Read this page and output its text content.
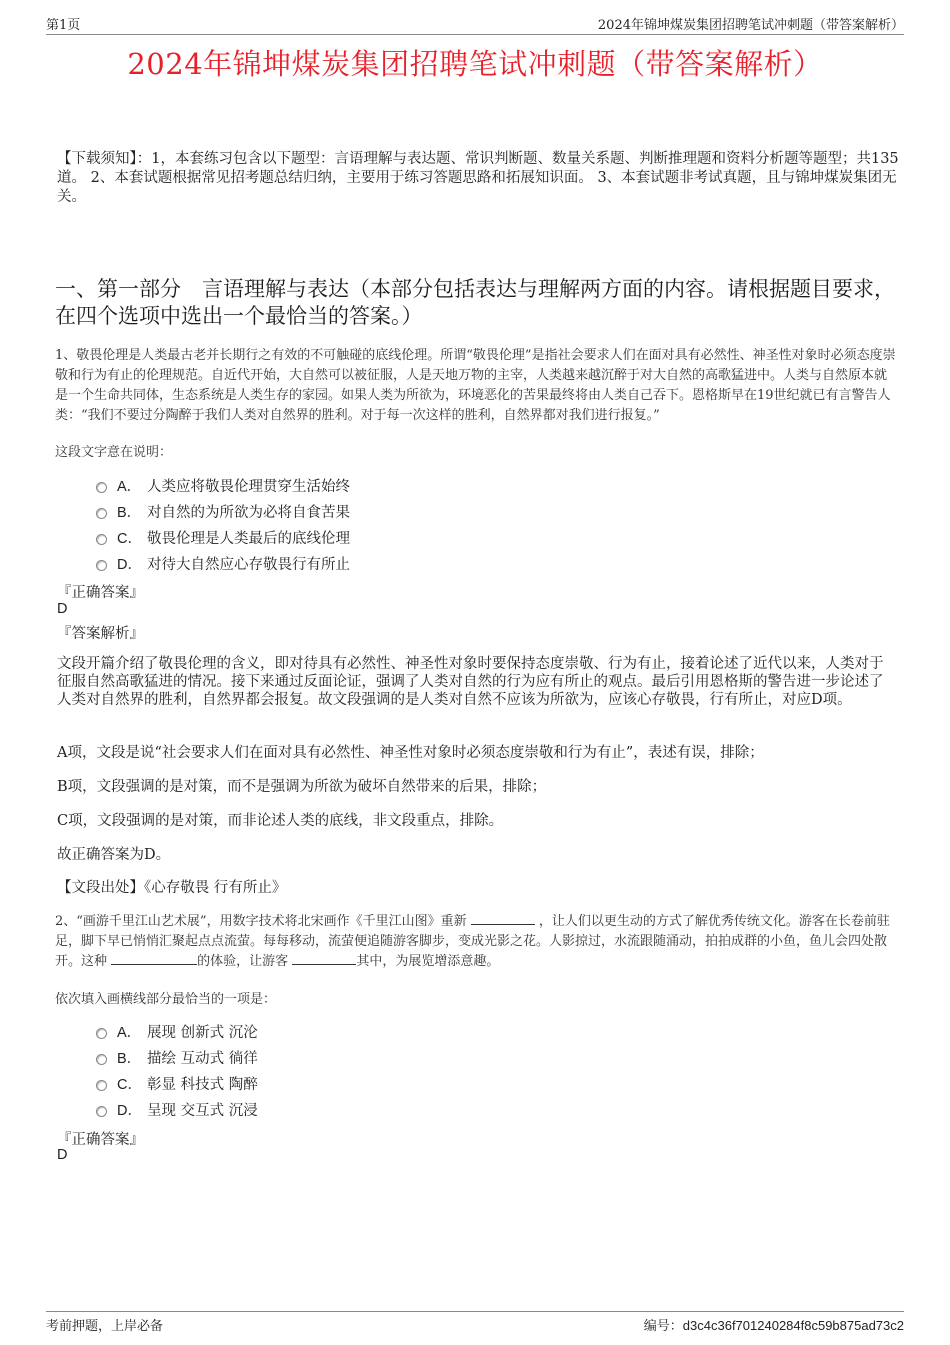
第1页	2024年锦坤煤炭集团招聘笔试冲刺题（带答案解析）
2024年锦坤煤炭集团招聘笔试冲刺题（带答案解析）
【下载须知】：1，本套练习包含以下题型：言语理解与表达题、常识判断题、数量关系题、判断推理题和资料分析题等题型；共135道。 2、本套试题根据常见招考题总结归纳，主要用于练习答题思路和拓展知识面。 3、本套试题非考试真题，且与锦坤煤炭集团无关。
一、第一部分　言语理解与表达（本部分包括表达与理解两方面的内容。请根据题目要求，在四个选项中选出一个最恰当的答案。）
1、敬畏伦理是人类最古老并长期行之有效的不可触碰的底线伦理。所谓“敬畏伦理”是指社会要求人们在面对具有必然性、神圣性对象时必须态度崇敬和行为有止的伦理规范。自近代开始，大自然可以被征服，人是天地万物的主宰，人类越来越沉醉于对大自然的高歌猛进中。人类与自然原本就是一个生命共同体，生态系统是人类生存的家园。如果人类为所欲为，环境恶化的苦果最终将由人类自己吞下。恩格斯早在19世纪就已有言警告人类：“我们不要过分陶醉于我们人类对自然界的胜利。对于每一次这样的胜利，自然界都对我们进行报复。”
这段文字意在说明：
A． 人类应将敬畏伦理贯穿生活始终
B． 对自然的为所欲为必将自食苦果
C． 敬畏伦理是人类最后的底线伦理
D． 对待大自然应心存敬畏行有所止
『正确答案』
D
『答案解析』
文段开篇介绍了敬畏伦理的含义，即对待具有必然性、神圣性对象时要保持态度崇敬、行为有止，接着论述了近代以来，人类对于征服自然高歌猛进的情况。接下来通过反面论证，强调了人类对自然的行为应有所止的观点。最后引用恩格斯的警告进一步论述了人类对自然界的胜利，自然界都会报复。故文段强调的是人类对自然不应该为所欲为，应该心存敬畏，行有所止，对应D项。
A项，文段是说“社会要求人们在面对具有必然性、神圣性对象时必须态度崇敬和行为有止”，表述有误，排除；
B项，文段强调的是对策，而不是强调为所欲为破坏自然带来的后果，排除；
C项，文段强调的是对策，而非论述人类的底线，非文段重点，排除。
故正确答案为D。
【文段出处】《心存敬畏 行有所止》
2、“画游千里江山艺术展”，用数字技术将北宋画作《千里江山图》重新	，让人们以更生动的方式了解优秀传统文化。游客在长卷前驻足，脚下早已悄悄汇聚起点点流萤。每每移动，流萤便追随游客脚步，变成光影之花。人影掠过，水流跟随涌动，拍拍成群的小鱼，鱼儿会四处散开。这种	的体验，让游客	其中，为展览增添意趣。
依次填入画横线部分最恰当的一项是：
A． 展现 创新式 沉沦
B． 描绘 互动式 徜徉
C． 彰显 科技式 陶醉
D． 呈现 交互式 沉浸
『正确答案』
D
考前押题，上岸必备	编号：d3c4c36f701240284f8c59b875ad73c2
